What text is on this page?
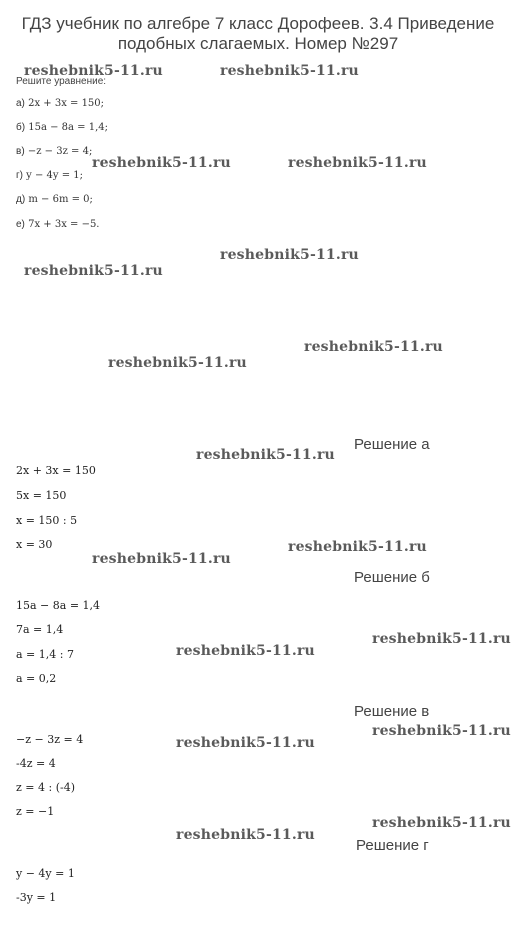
ГДЗ учебник по алгебре 7 класс Дорофеев. 3.4 Приведение подобных слагаемых. Номер №297
Решите уравнение:
а) 2x + 3x = 150;
б) 15a − 8a = 1,4;
в) −z − 3z = 4;
г) y − 4y = 1;
д) m − 6m = 0;
е) 7x + 3x = −5.
Решение а
2x + 3x = 150
5x = 150
x = 150 : 5
x = 30
Решение б
15a − 8a = 1,4
7a = 1,4
a = 1,4 : 7
a = 0,2
Решение в
−z − 3z = 4
-4z = 4
z = 4 : (-4)
z = −1
Решение г
y − 4y = 1
-3y = 1
reshebnik5-11.ru	reshebnik5-11.ru
reshebnik5-11.ru	reshebnik5-11.ru
reshebnik5-11.ru
reshebnik5-11.ru
reshebnik5-11.ru
reshebnik5-11.ru
reshebnik5-11.ru
reshebnik5-11.ru
reshebnik5-11.ru
reshebnik5-11.ru
reshebnik5-11.ru
reshebnik5-11.ru
reshebnik5-11.ru
reshebnik5-11.ru
reshebnik5-11.ru
